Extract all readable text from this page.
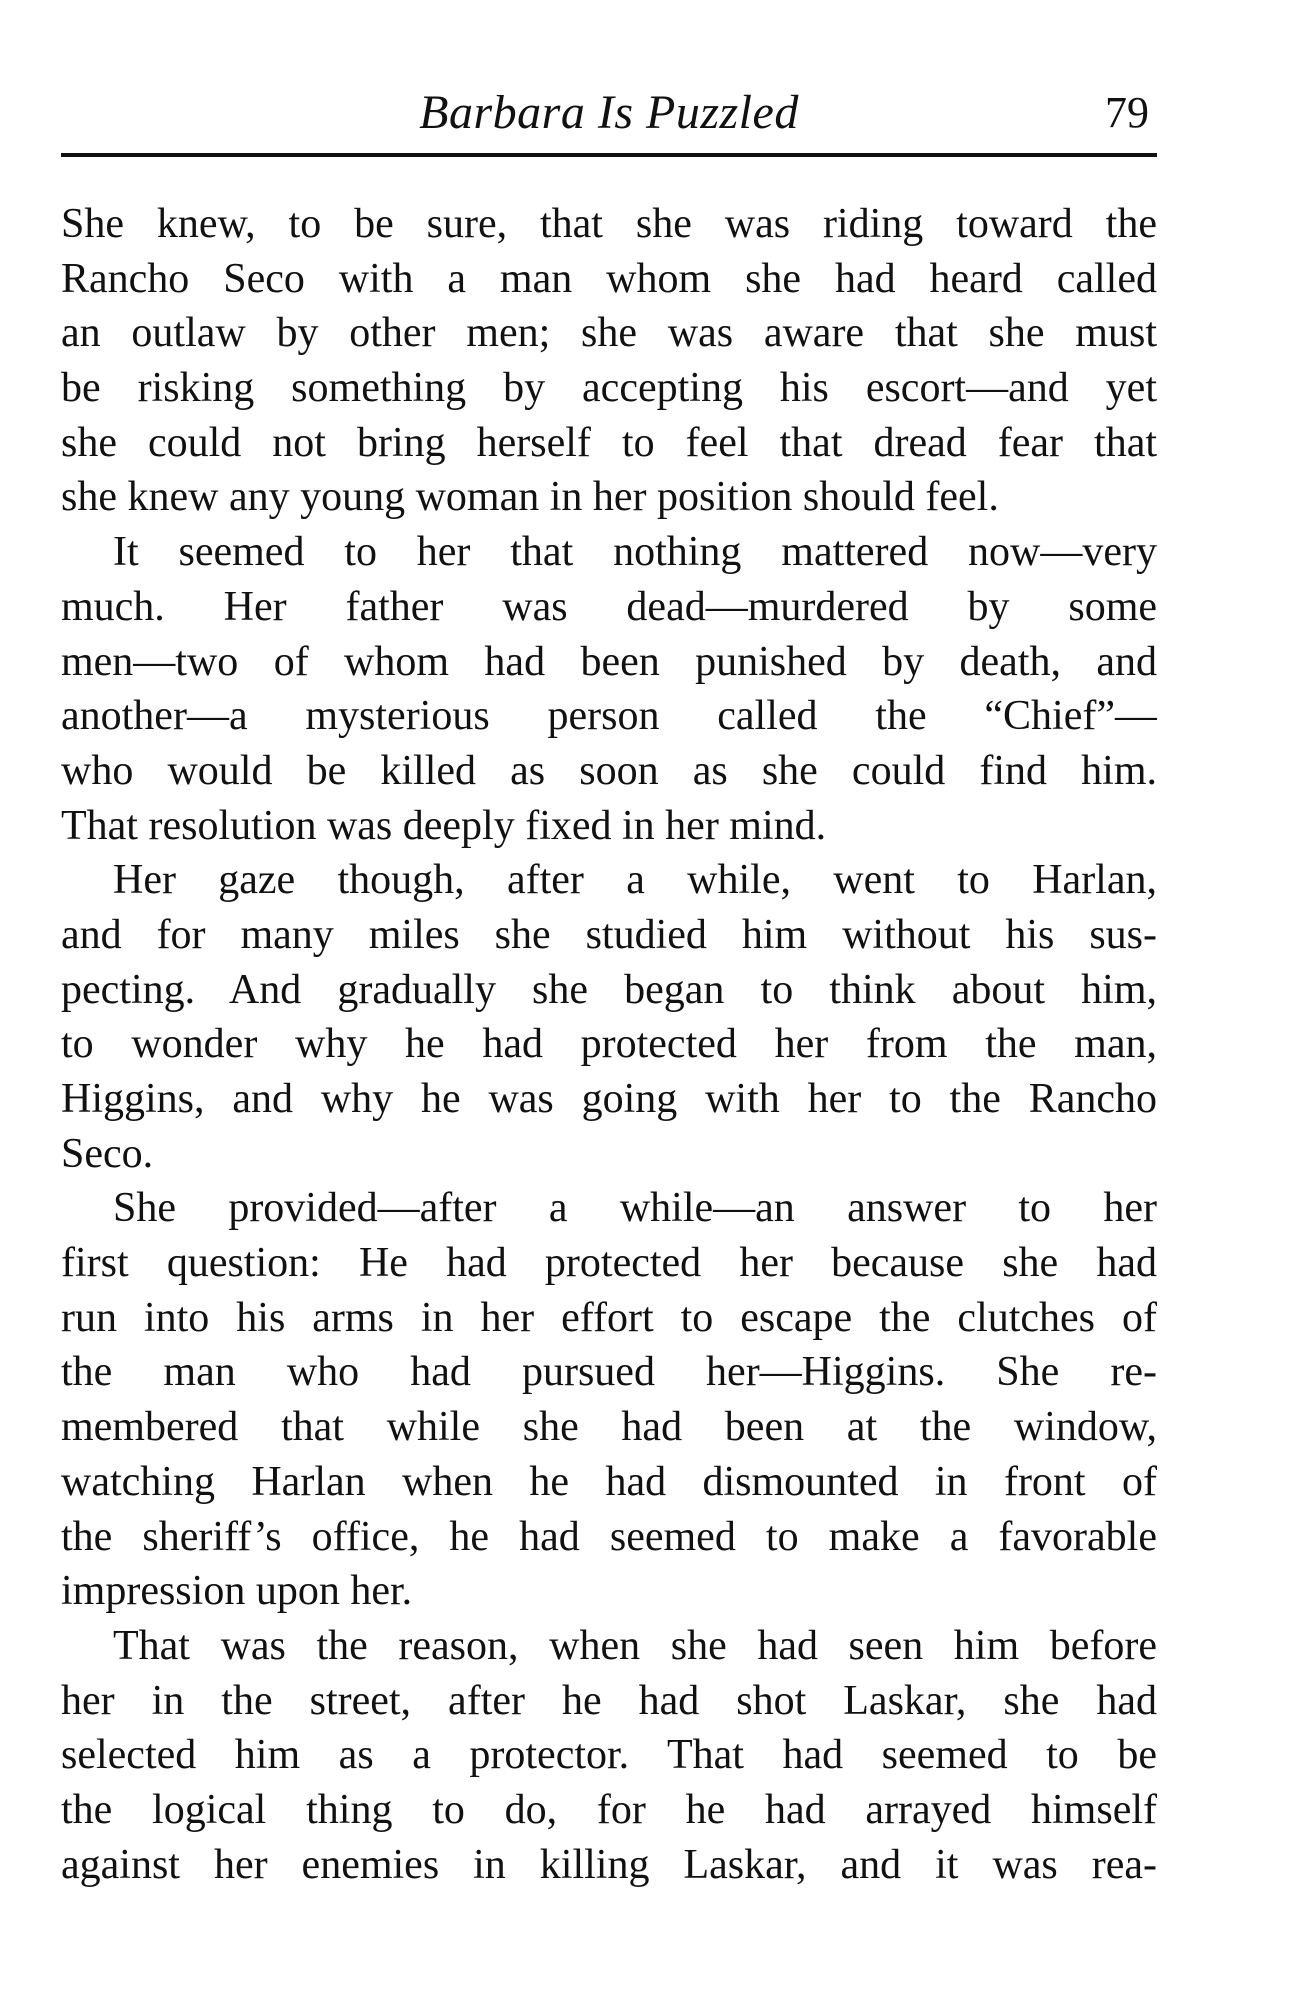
Barbara Is Puzzled	79
She knew, to be sure, that she was riding toward the
Rancho Seco with a man whom she had heard called
an outlaw by other men; she was aware that she must
be risking something by accepting his escort—and yet
she could not bring herself to feel that dread fear that
she knew any young woman in her position should feel.
It seemed to her that nothing mattered now—very
much. Her father was dead—murdered by some
men—two of whom had been punished by death, and
another—a mysterious person called the “Chief”—
who would be killed as soon as she could find him.
That resolution was deeply fixed in her mind.
Her gaze though, after a while, went to Harlan,
and for many miles she studied him without his sus-
pecting. And gradually she began to think about him,
to wonder why he had protected her from the man,
Higgins, and why he was going with her to the Rancho
Seco.
She provided—after a while—an answer to her
first question: He had protected her because she had
run into his arms in her effort to escape the clutches of
the man who had pursued her—Higgins. She re-
membered that while she had been at the window,
watching Harlan when he had dismounted in front of
the sheriff’s office, he had seemed to make a favorable
impression upon her.
That was the reason, when she had seen him before
her in the street, after he had shot Laskar, she had
selected him as a protector. That had seemed to be
the logical thing to do, for he had arrayed himself
against her enemies in killing Laskar, and it was rea-
